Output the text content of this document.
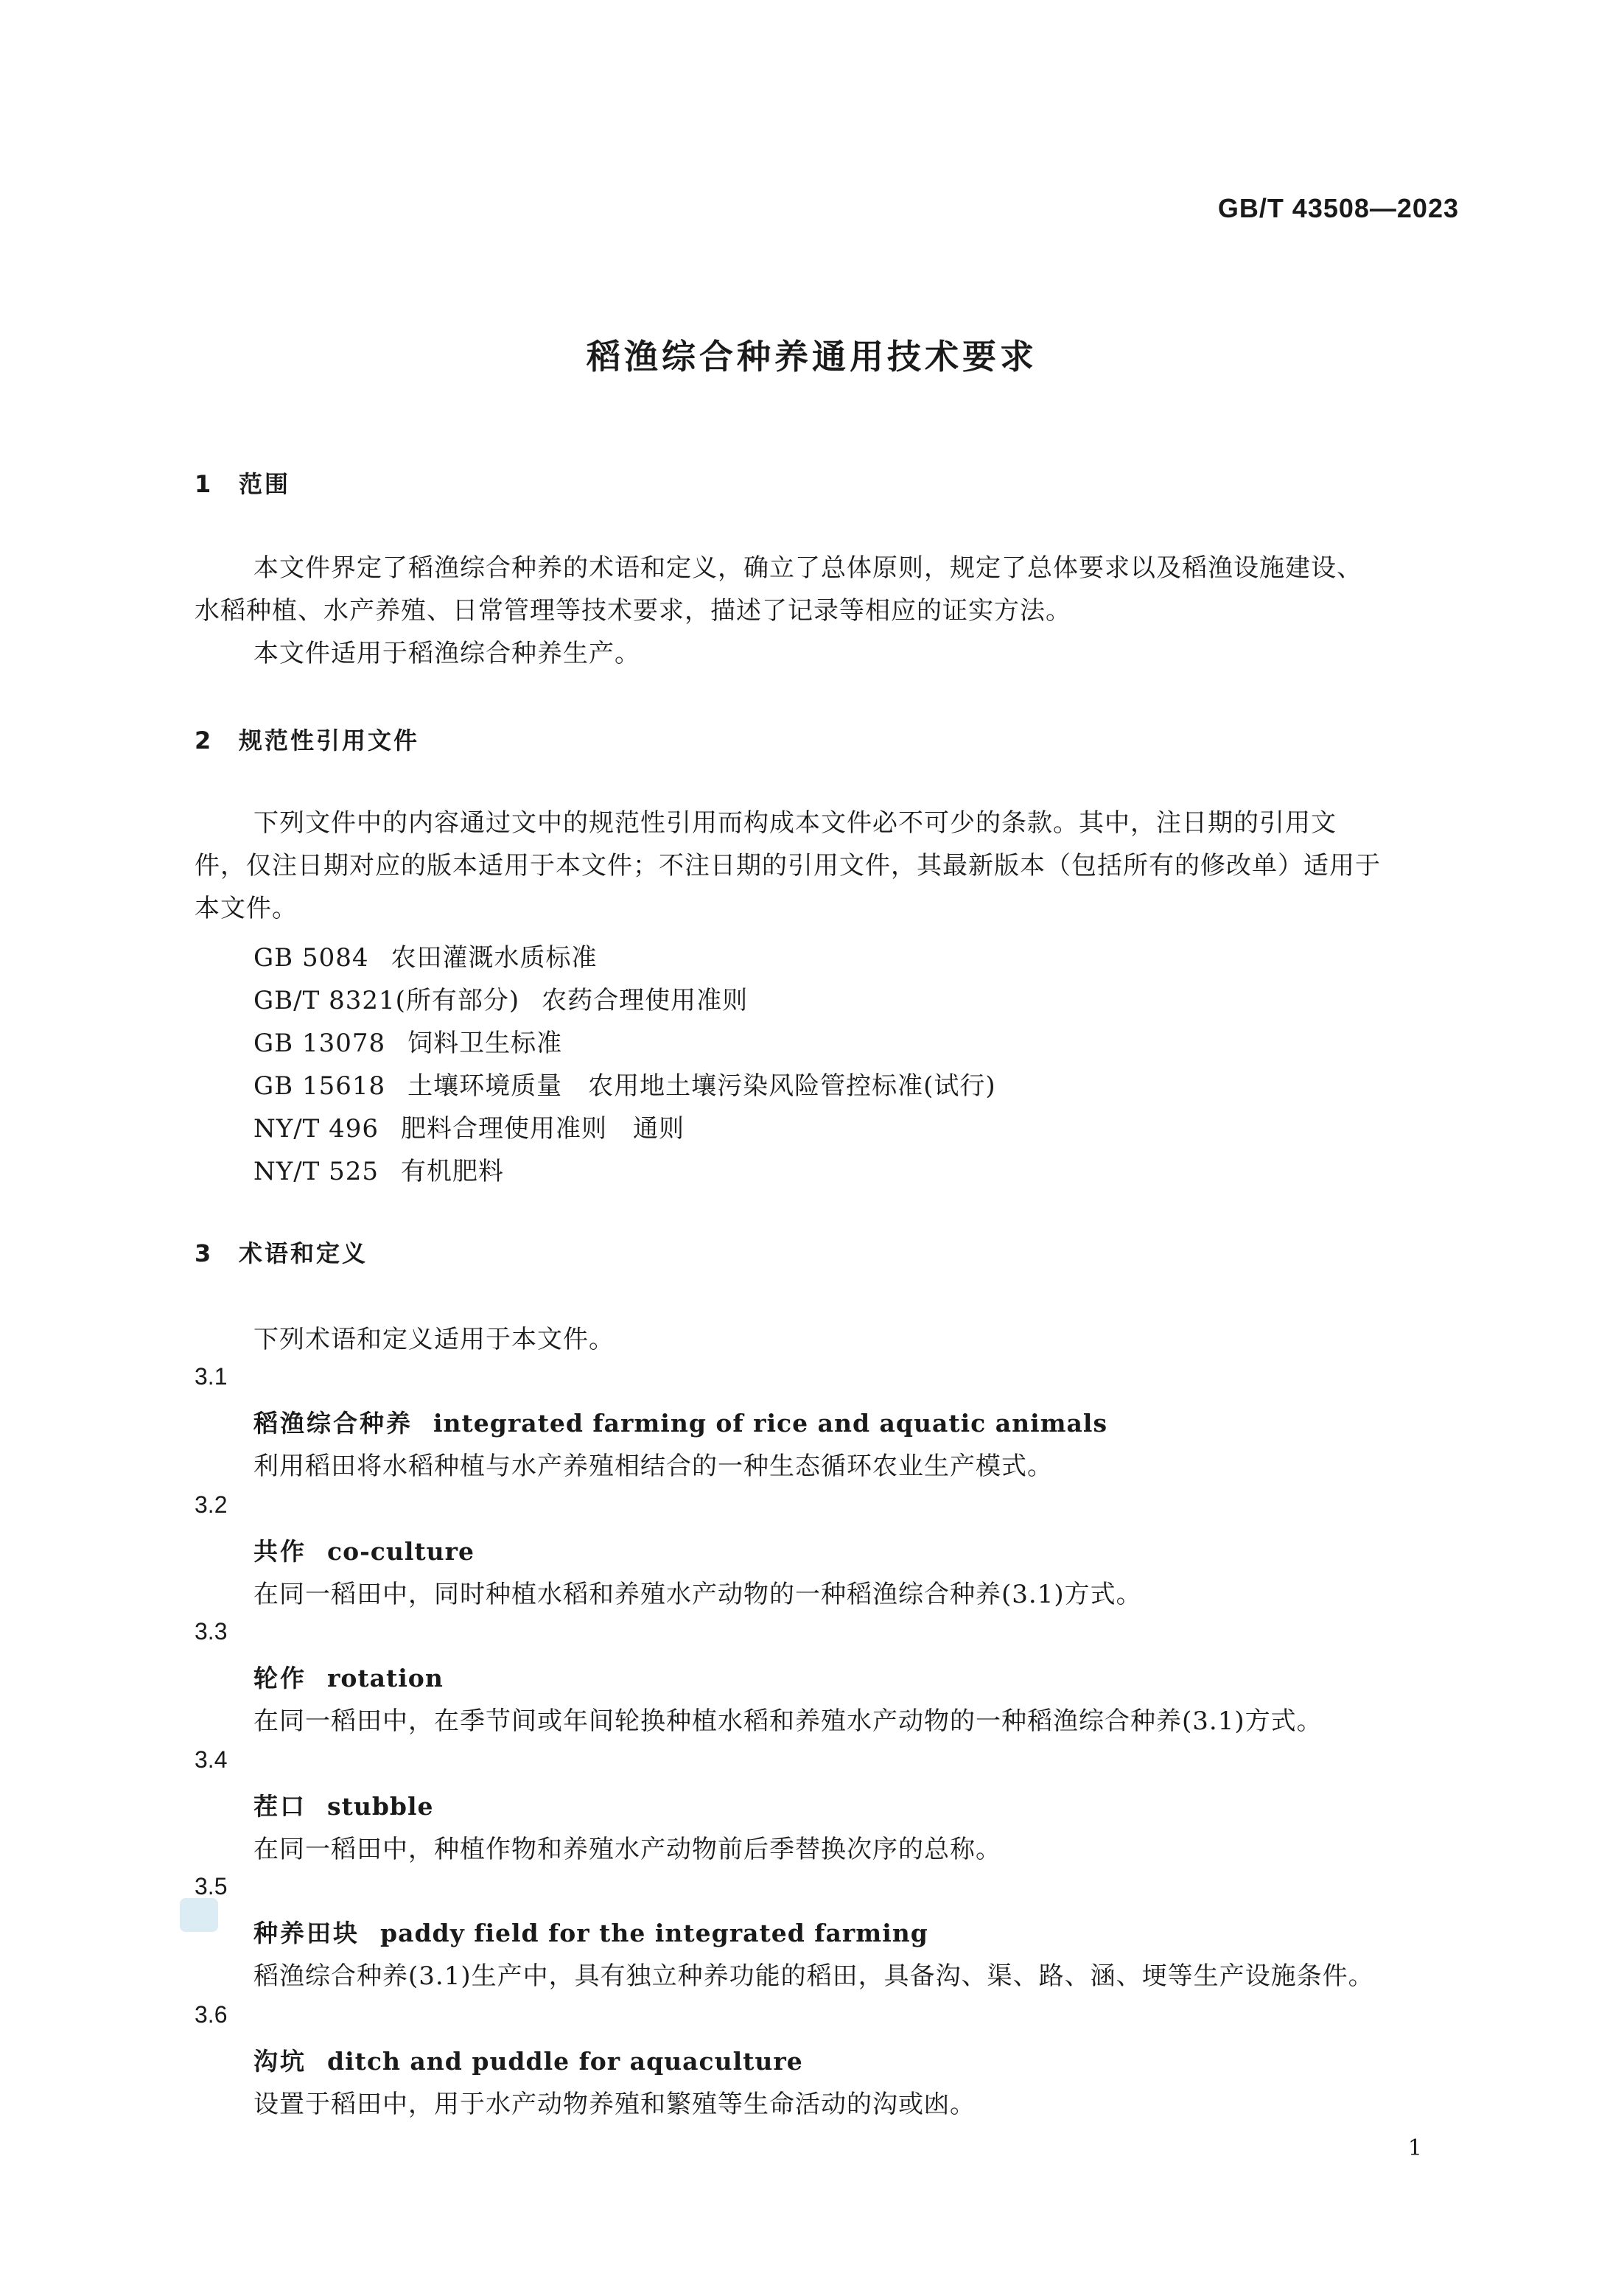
GB/T 43508—2023
稻渔综合种养通用技术要求
1 范围
本文件界定了稻渔综合种养的术语和定义，确立了总体原则，规定了总体要求以及稻渔设施建设、
水稻种植、水产养殖、日常管理等技术要求，描述了记录等相应的证实方法。
本文件适用于稻渔综合种养生产。
2 规范性引用文件
下列文件中的内容通过文中的规范性引用而构成本文件必不可少的条款。其中，注日期的引用文
件，仅注日期对应的版本适用于本文件；不注日期的引用文件，其最新版本（包括所有的修改单）适用于
本文件。
GB 5084 农田灌溉水质标准
GB/T 8321(所有部分) 农药合理使用准则
GB 13078 饲料卫生标准
GB 15618 土壤环境质量　农用地土壤污染风险管控标准(试行)
NY/T 496 肥料合理使用准则　通则
NY/T 525 有机肥料
3 术语和定义
下列术语和定义适用于本文件。
3.1
稻渔综合种养 integrated farming of rice and aquatic animals
利用稻田将水稻种植与水产养殖相结合的一种生态循环农业生产模式。
3.2
共作 co-culture
在同一稻田中，同时种植水稻和养殖水产动物的一种稻渔综合种养(3.1)方式。
3.3
轮作 rotation
在同一稻田中，在季节间或年间轮换种植水稻和养殖水产动物的一种稻渔综合种养(3.1)方式。
3.4
茬口 stubble
在同一稻田中，种植作物和养殖水产动物前后季替换次序的总称。
3.5
种养田块 paddy field for the integrated farming
稻渔综合种养(3.1)生产中，具有独立种养功能的稻田，具备沟、渠、路、涵、埂等生产设施条件。
3.6
沟坑 ditch and puddle for aquaculture
设置于稻田中，用于水产动物养殖和繁殖等生命活动的沟或凼。
1
